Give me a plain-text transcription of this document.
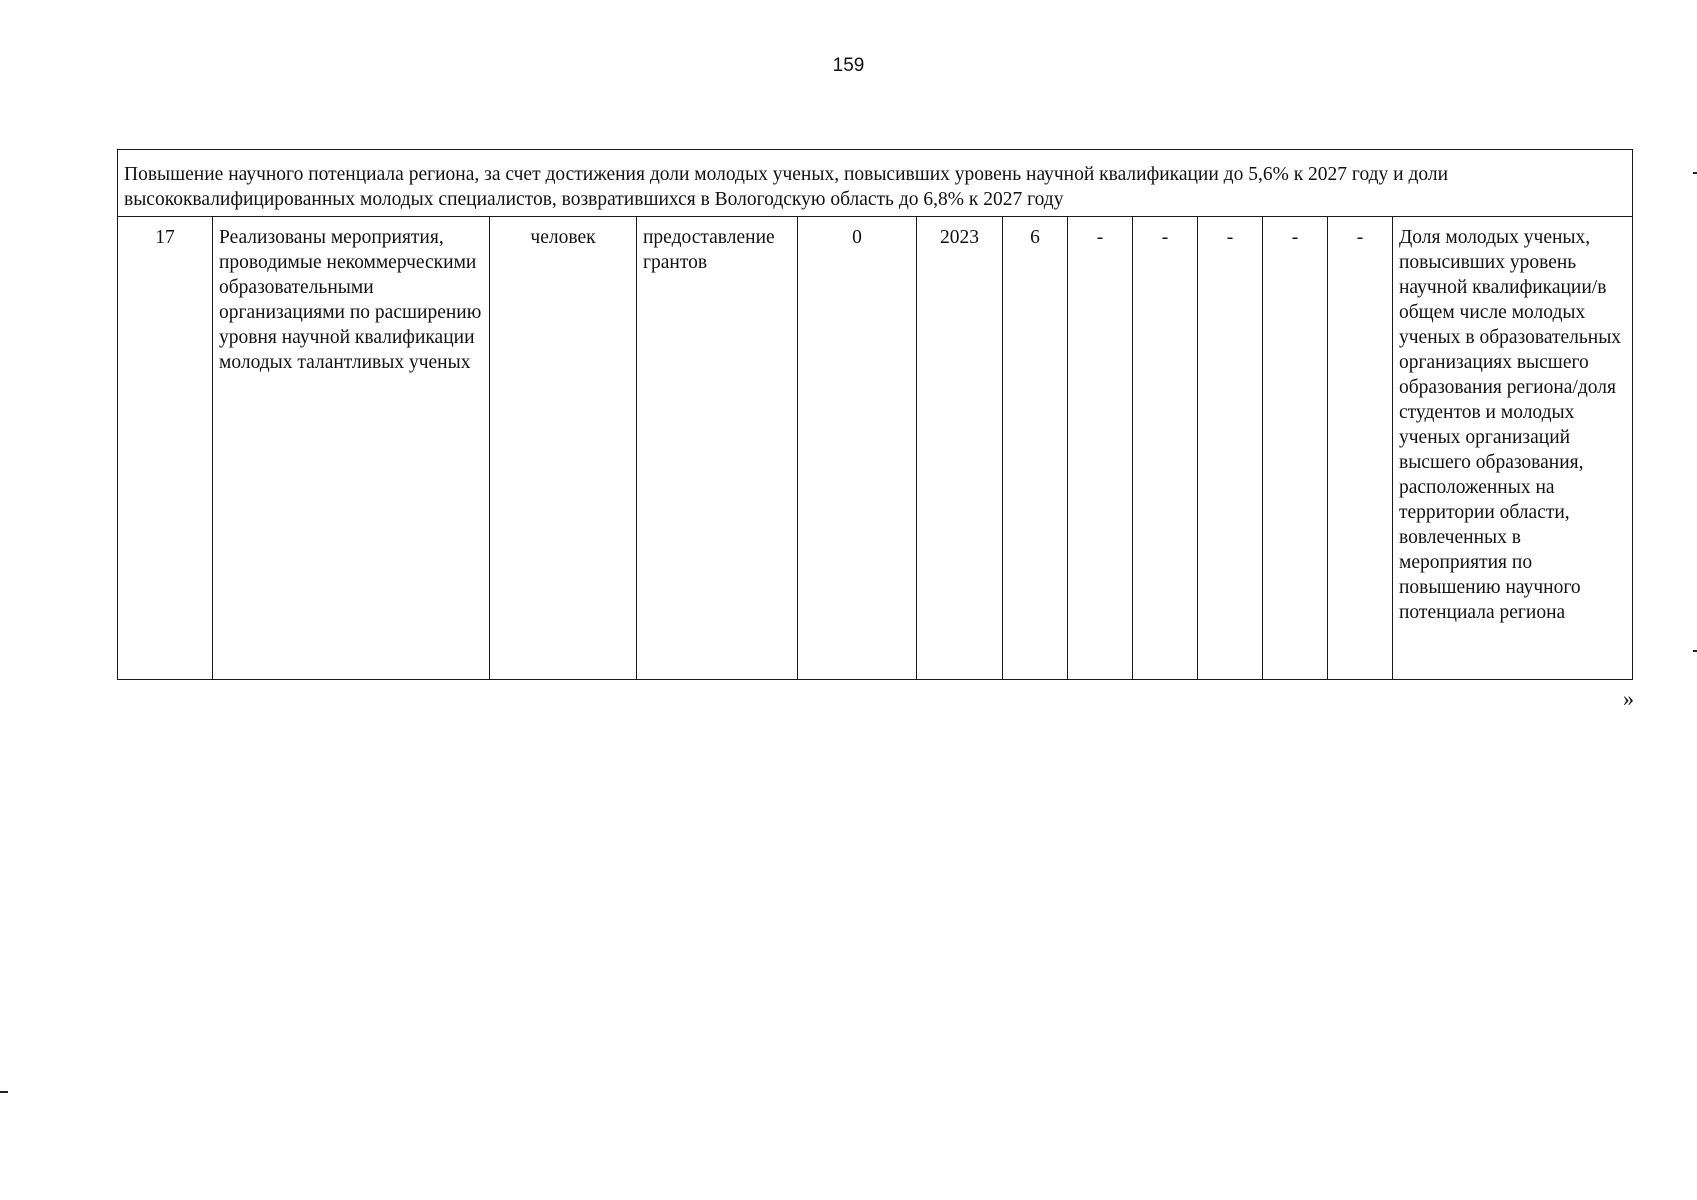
159
Повышение научного потенциала региона, за счет достижения доли молодых ученых, повысивших уровень научной квалификации до 5,6% к 2027 году и доли высококвалифицированных молодых специалистов, возвратившихся в Вологодскую область до 6,8% к 2027 году
17	Реализованы мероприятия, проводимые некоммерческими образовательными организациями по расширению уровня научной квалификации молодых талантливых ученых	человек	предоставление грантов	0	2023	6	-	-	-	-	-	Доля молодых ученых, повысивших уровень научной квалификации/в общем числе молодых ученых в образовательных организациях высшего образования региона/доля студентов и молодых ученых организаций высшего образования, расположенных на территории области, вовлеченных в мероприятия по повышению научного потенциала региона
»
